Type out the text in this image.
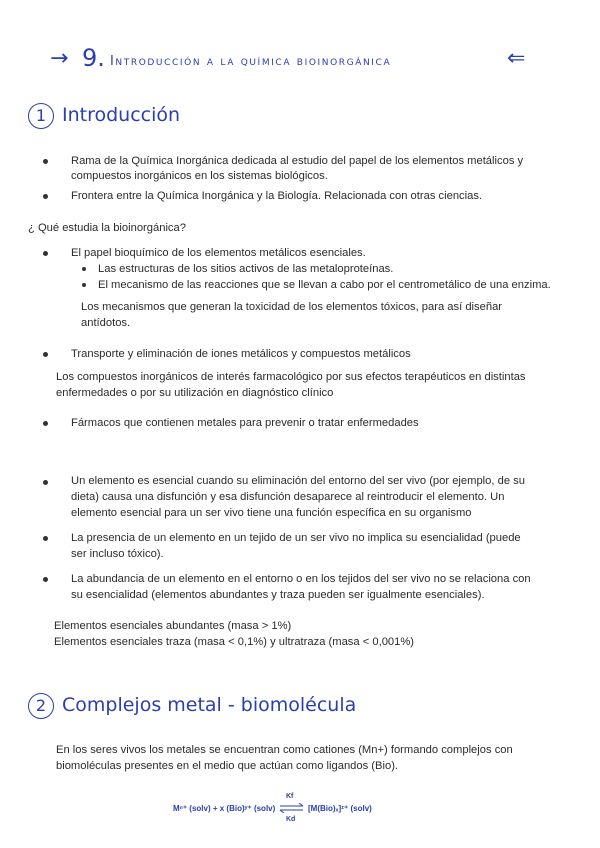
→ 9. Introducción a la química bioinorgánica	⇐
1 Introducción
Rama de la Química Inorgánica dedicada al estudio del papel de los elementos metálicos y
compuestos inorgánicos en los sistemas biológicos.
Frontera entre la Química Inorgánica y la Biología. Relacionada con otras ciencias.
¿ Qué estudia la bioinorgánica?
El papel bioquímico de los elementos metálicos esenciales.
Las estructuras de los sitios activos de las metaloproteínas.
El mecanismo de las reacciones que se llevan a cabo por el centrometálico de una enzima.
Los mecanismos que generan la toxicidad de los elementos tóxicos, para así diseñar
antídotos.
Transporte y eliminación de iones metálicos y compuestos metálicos
Los compuestos inorgánicos de interés farmacológico por sus efectos terapéuticos en distintas
enfermedades o por su utilización en diagnóstico clínico
Fármacos que contienen metales para prevenir o tratar enfermedades
Un elemento es esencial cuando su eliminación del entorno del ser vivo (por ejemplo, de su
dieta) causa una disfunción y esa disfunción desaparece al reintroducir el elemento. Un
elemento esencial para un ser vivo tiene una función específica en su organismo
La presencia de un elemento en un tejido de un ser vivo no implica su esencialidad (puede
ser incluso tóxico).
La abundancia de un elemento en el entorno o en los tejidos del ser vivo no se relaciona con
su esencialidad (elementos abundantes y traza pueden ser igualmente esenciales).
Elementos esenciales abundantes (masa > 1%)
Elementos esenciales traza (masa < 0,1%) y ultratraza (masa < 0,001%)
2 Complejos metal - biomolécula
En los seres vivos los metales se encuentran como cationes (Mn+) formando complejos con
biomoléculas presentes en el medio que actúan como ligandos (Bio).
Mⁿ⁺ (solv) + x (Bio)ʸ⁺ (solv)
Kf
Kd
[M(Bio)ₓ]ᶻ⁺ (solv)
